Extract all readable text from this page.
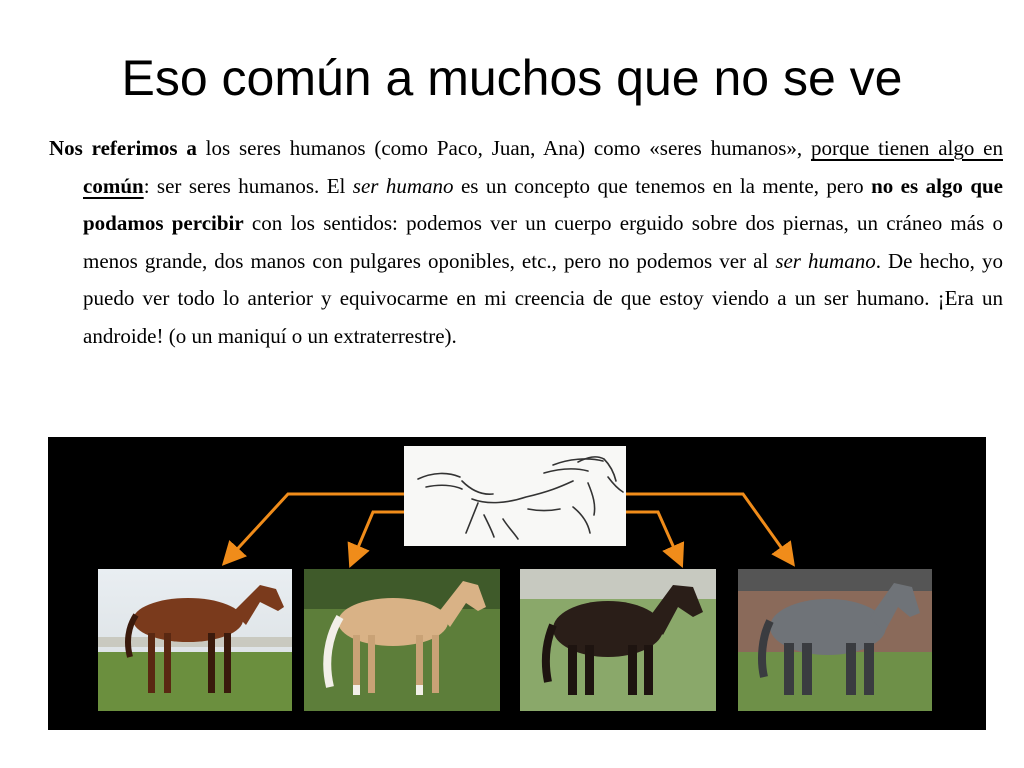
Eso común a muchos que no se ve
Nos referimos a los seres humanos (como Paco, Juan, Ana) como «seres humanos», porque tienen algo en común: ser seres humanos. El ser humano es un concepto que tenemos en la mente, pero no es algo que podamos percibir con los sentidos: podemos ver un cuerpo erguido sobre dos piernas, un cráneo más o menos grande, dos manos con pulgares oponibles, etc., pero no podemos ver al ser humano. De hecho, yo puedo ver todo lo anterior y equivocarme en mi creencia de que estoy viendo a un ser humano. ¡Era un androide! (o un maniquí o un extraterrestre).
